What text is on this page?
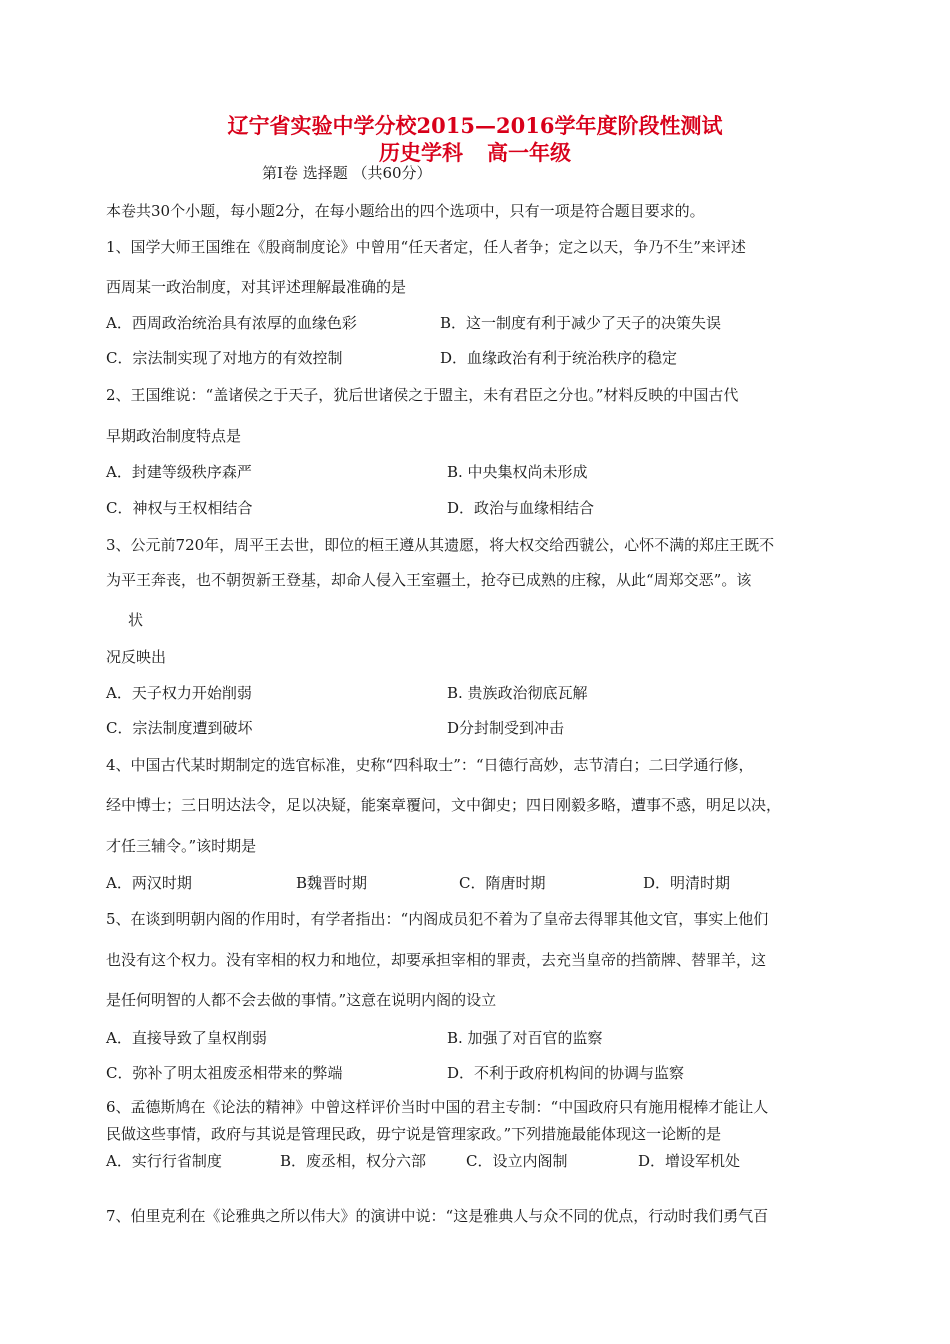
辽宁省实验中学分校2015—2016学年度阶段性测试
历史学科 高一年级
第Ⅰ卷 选择题 （共60分）
本卷共30个小题，每小题2分，在每小题给出的四个选项中，只有一项是符合题目要求的。
1、国学大师王国维在《殷商制度论》中曾用“任天者定，任人者争；定之以天，争乃不生”来评述
西周某一政治制度，对其评述理解最准确的是
A．西周政治统治具有浓厚的血缘色彩	B．这一制度有利于减少了天子的决策失误
C．宗法制实现了对地方的有效控制	D．血缘政治有利于统治秩序的稳定
2、王国维说：“盖诸侯之于天子，犹后世诸侯之于盟主，未有君臣之分也。”材料反映的中国古代
早期政治制度特点是
A．封建等级秩序森严	B. 中央集权尚未形成
C．神权与王权相结合	D．政治与血缘相结合
3、公元前720年，周平王去世，即位的桓王遵从其遗愿，将大权交给西虢公，心怀不满的郑庄王既不
为平王奔丧，也不朝贺新王登基，却命人侵入王室疆土，抢夺已成熟的庄稼，从此“周郑交恶”。该
状
况反映出
A．天子权力开始削弱	B. 贵族政治彻底瓦解
C．宗法制度遭到破坏	D分封制受到冲击
4、中国古代某时期制定的选官标准，史称“四科取士”：“日德行高妙，志节清白；二曰学通行修，
经中博士；三日明达法令，足以决疑，能案章覆问，文中御史；四日刚毅多略，遭事不惑，明足以决，
才任三辅令。”该时期是
A．两汉时期	B魏晋时期	C．隋唐时期	D．明清时期
5、在谈到明朝内阁的作用时，有学者指出：“内阁成员犯不着为了皇帝去得罪其他文官，事实上他们
也没有这个权力。没有宰相的权力和地位，却要承担宰相的罪责，去充当皇帝的挡箭牌、替罪羊，这
是任何明智的人都不会去做的事情。”这意在说明内阁的设立
A．直接导致了皇权削弱	B. 加强了对百官的监察
C．弥补了明太祖废丞相带来的弊端	D．不利于政府机构间的协调与监察
6、孟德斯鸠在《论法的精神》中曾这样评价当时中国的君主专制：“中国政府只有施用棍棒才能让人
民做这些事情，政府与其说是管理民政，毋宁说是管理家政。”下列措施最能体现这一论断的是
A．实行行省制度	B．废丞相，权分六部	C．设立内阁制	D．增设军机处
7、伯里克利在《论雅典之所以伟大》的演讲中说：“这是雅典人与众不同的优点，行动时我们勇气百
